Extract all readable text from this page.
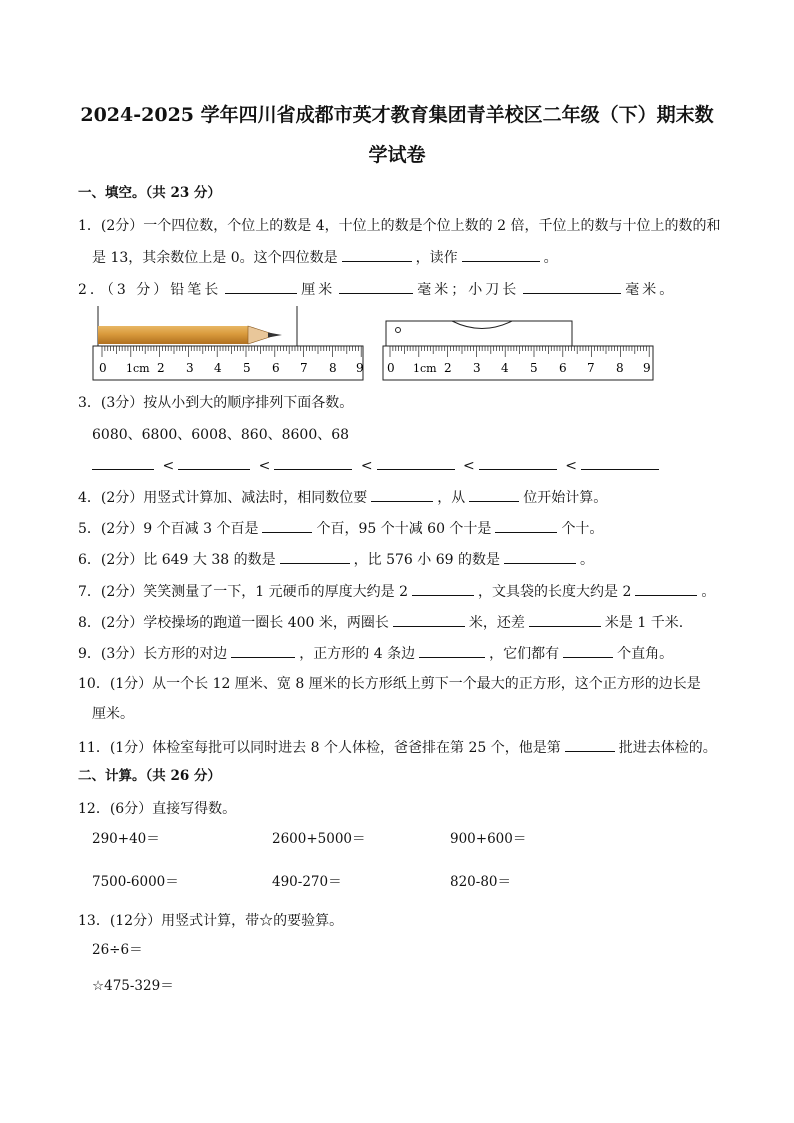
2024-2025 学年四川省成都市英才教育集团青羊校区二年级（下）期末数
学试卷
一、填空。（共 23 分）
1．(2分）一个四位数，个位上的数是 4，十位上的数是个位上数的 2 倍，千位上的数与十位上的数的和
是 13，其余数位上是 0。这个四位数是	，读作	。
2．（3 分）铅笔长	厘米	毫米；小刀长	毫米。
0 1cm 2 3 4 5 6 7 8 9 0 1cm 2 3 4 5 6 7 8 9
3．(3分）按从小到大的顺序排列下面各数。
6080、6800、6008、860、8600、68
<	<	<	<	<
4．(2分）用竖式计算加、减法时，相同数位要	，从	位开始计算。
5．(2分）9 个百减 3 个百是	个百，95 个十减 60 个十是	个十。
6．(2分）比 649 大 38 的数是	，比 576 小 69 的数是	。
7．(2分）笑笑测量了一下，1 元硬币的厚度大约是 2	，文具袋的长度大约是 2	。
8．(2分）学校操场的跑道一圈长 400 米，两圈长	米，还差	米是 1 千米.
9．(3分）长方形的对边	，正方形的 4 条边	，它们都有	个直角。
10．(1分）从一个长 12 厘米、宽 8 厘米的长方形纸上剪下一个最大的正方形，这个正方形的边长是
厘米。
11．(1分）体检室每批可以同时进去 8 个人体检，爸爸排在第 25 个，他是第	批进去体检的。
二、计算。（共 26 分）
12．(6分）直接写得数。
290+40＝	2600+5000＝	900+600＝
7500-6000＝	490-270＝	820-80＝
13．(12分）用竖式计算，带☆的要验算。
26÷6＝
☆475-329＝
